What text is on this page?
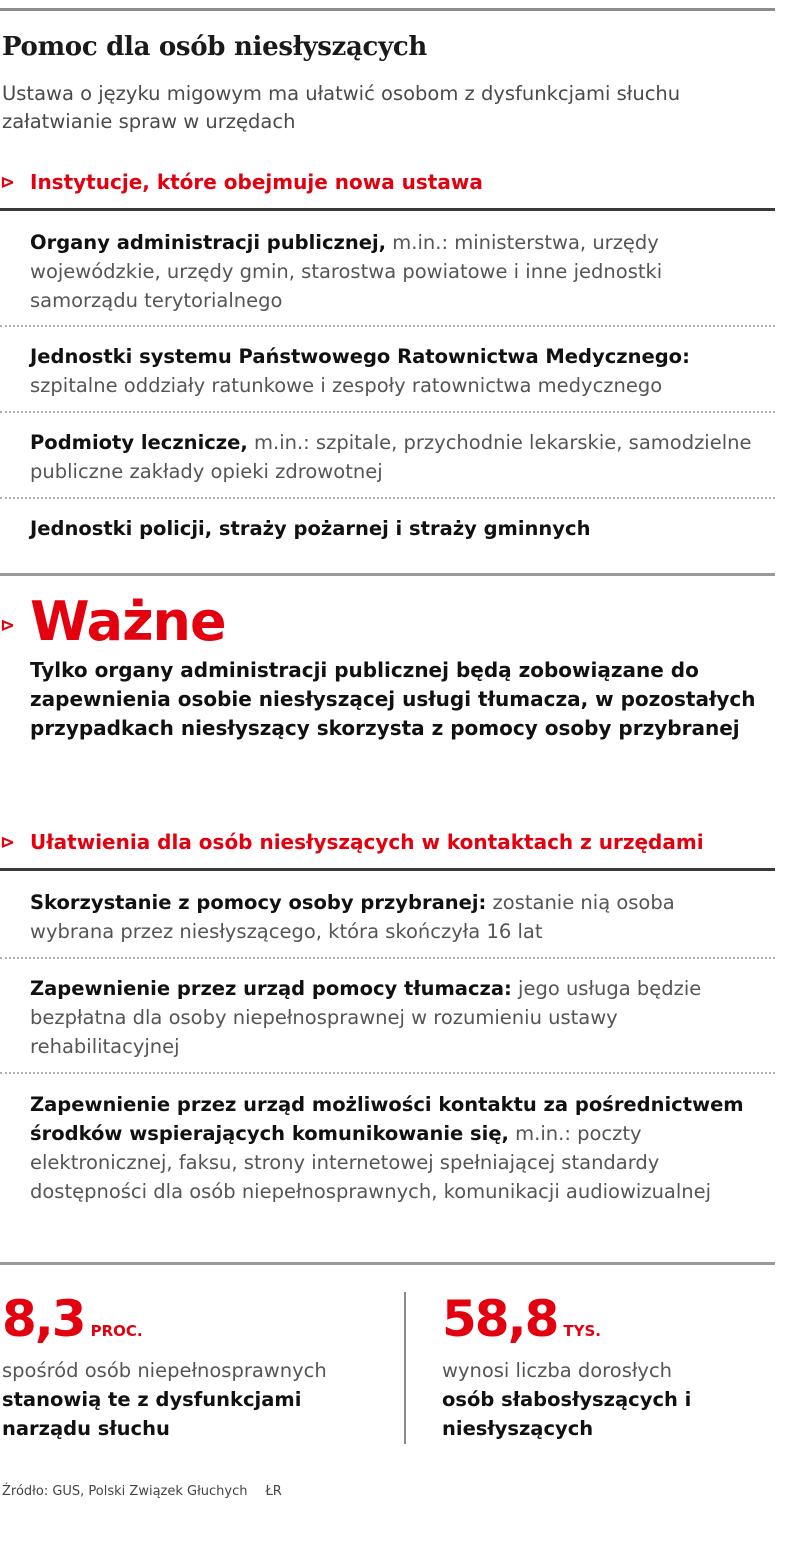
Pomoc dla osób niesłyszących
Ustawa o języku migowym ma ułatwić osobom z dysfunkcjami słuchu załatwianie spraw w urzędach
⊳ Instytucje, które obejmuje nowa ustawa
Organy administracji publicznej, m.in.: ministerstwa, urzędy wojewódzkie, urzędy gmin, starostwa powiatowe i inne jednostki samorządu terytorialnego
Jednostki systemu Państwowego Ratownictwa Medycznego: szpitalne oddziały ratunkowe i zespoły ratownictwa medycznego
Podmioty lecznicze, m.in.: szpitale, przychodnie lekarskie, samodzielne publiczne zakłady opieki zdrowotnej
Jednostki policji, straży pożarnej i straży gminnych
⊳ Ważne
Tylko organy administracji publicznej będą zobowiązane do zapewnienia osobie niesłyszącej usługi tłumacza, w pozostałych przypadkach niesłyszący skorzysta z pomocy osoby przybranej
⊳ Ułatwienia dla osób niesłyszących w kontaktach z urzędami
Skorzystanie z pomocy osoby przybranej: zostanie nią osoba wybrana przez niesłyszącego, która skończyła 16 lat
Zapewnienie przez urząd pomocy tłumacza: jego usługa będzie bezpłatna dla osoby niepełnosprawnej w rozumieniu ustawy rehabilitacyjnej
Zapewnienie przez urząd możliwości kontaktu za pośrednictwem środków wspierających komunikowanie się, m.in.: poczty elektronicznej, faksu, strony internetowej spełniającej standardy dostępności dla osób niepełnosprawnych, komunikacji audiowizualnej
8,3 PROC.
spośród osób niepełnosprawnych
stanowią te z dysfunkcjami narządu słuchu
58,8 TYS.
wynosi liczba dorosłych
osób słabosłyszących i niesłyszących
Źródło: GUS, Polski Związek Głuchych ŁR
